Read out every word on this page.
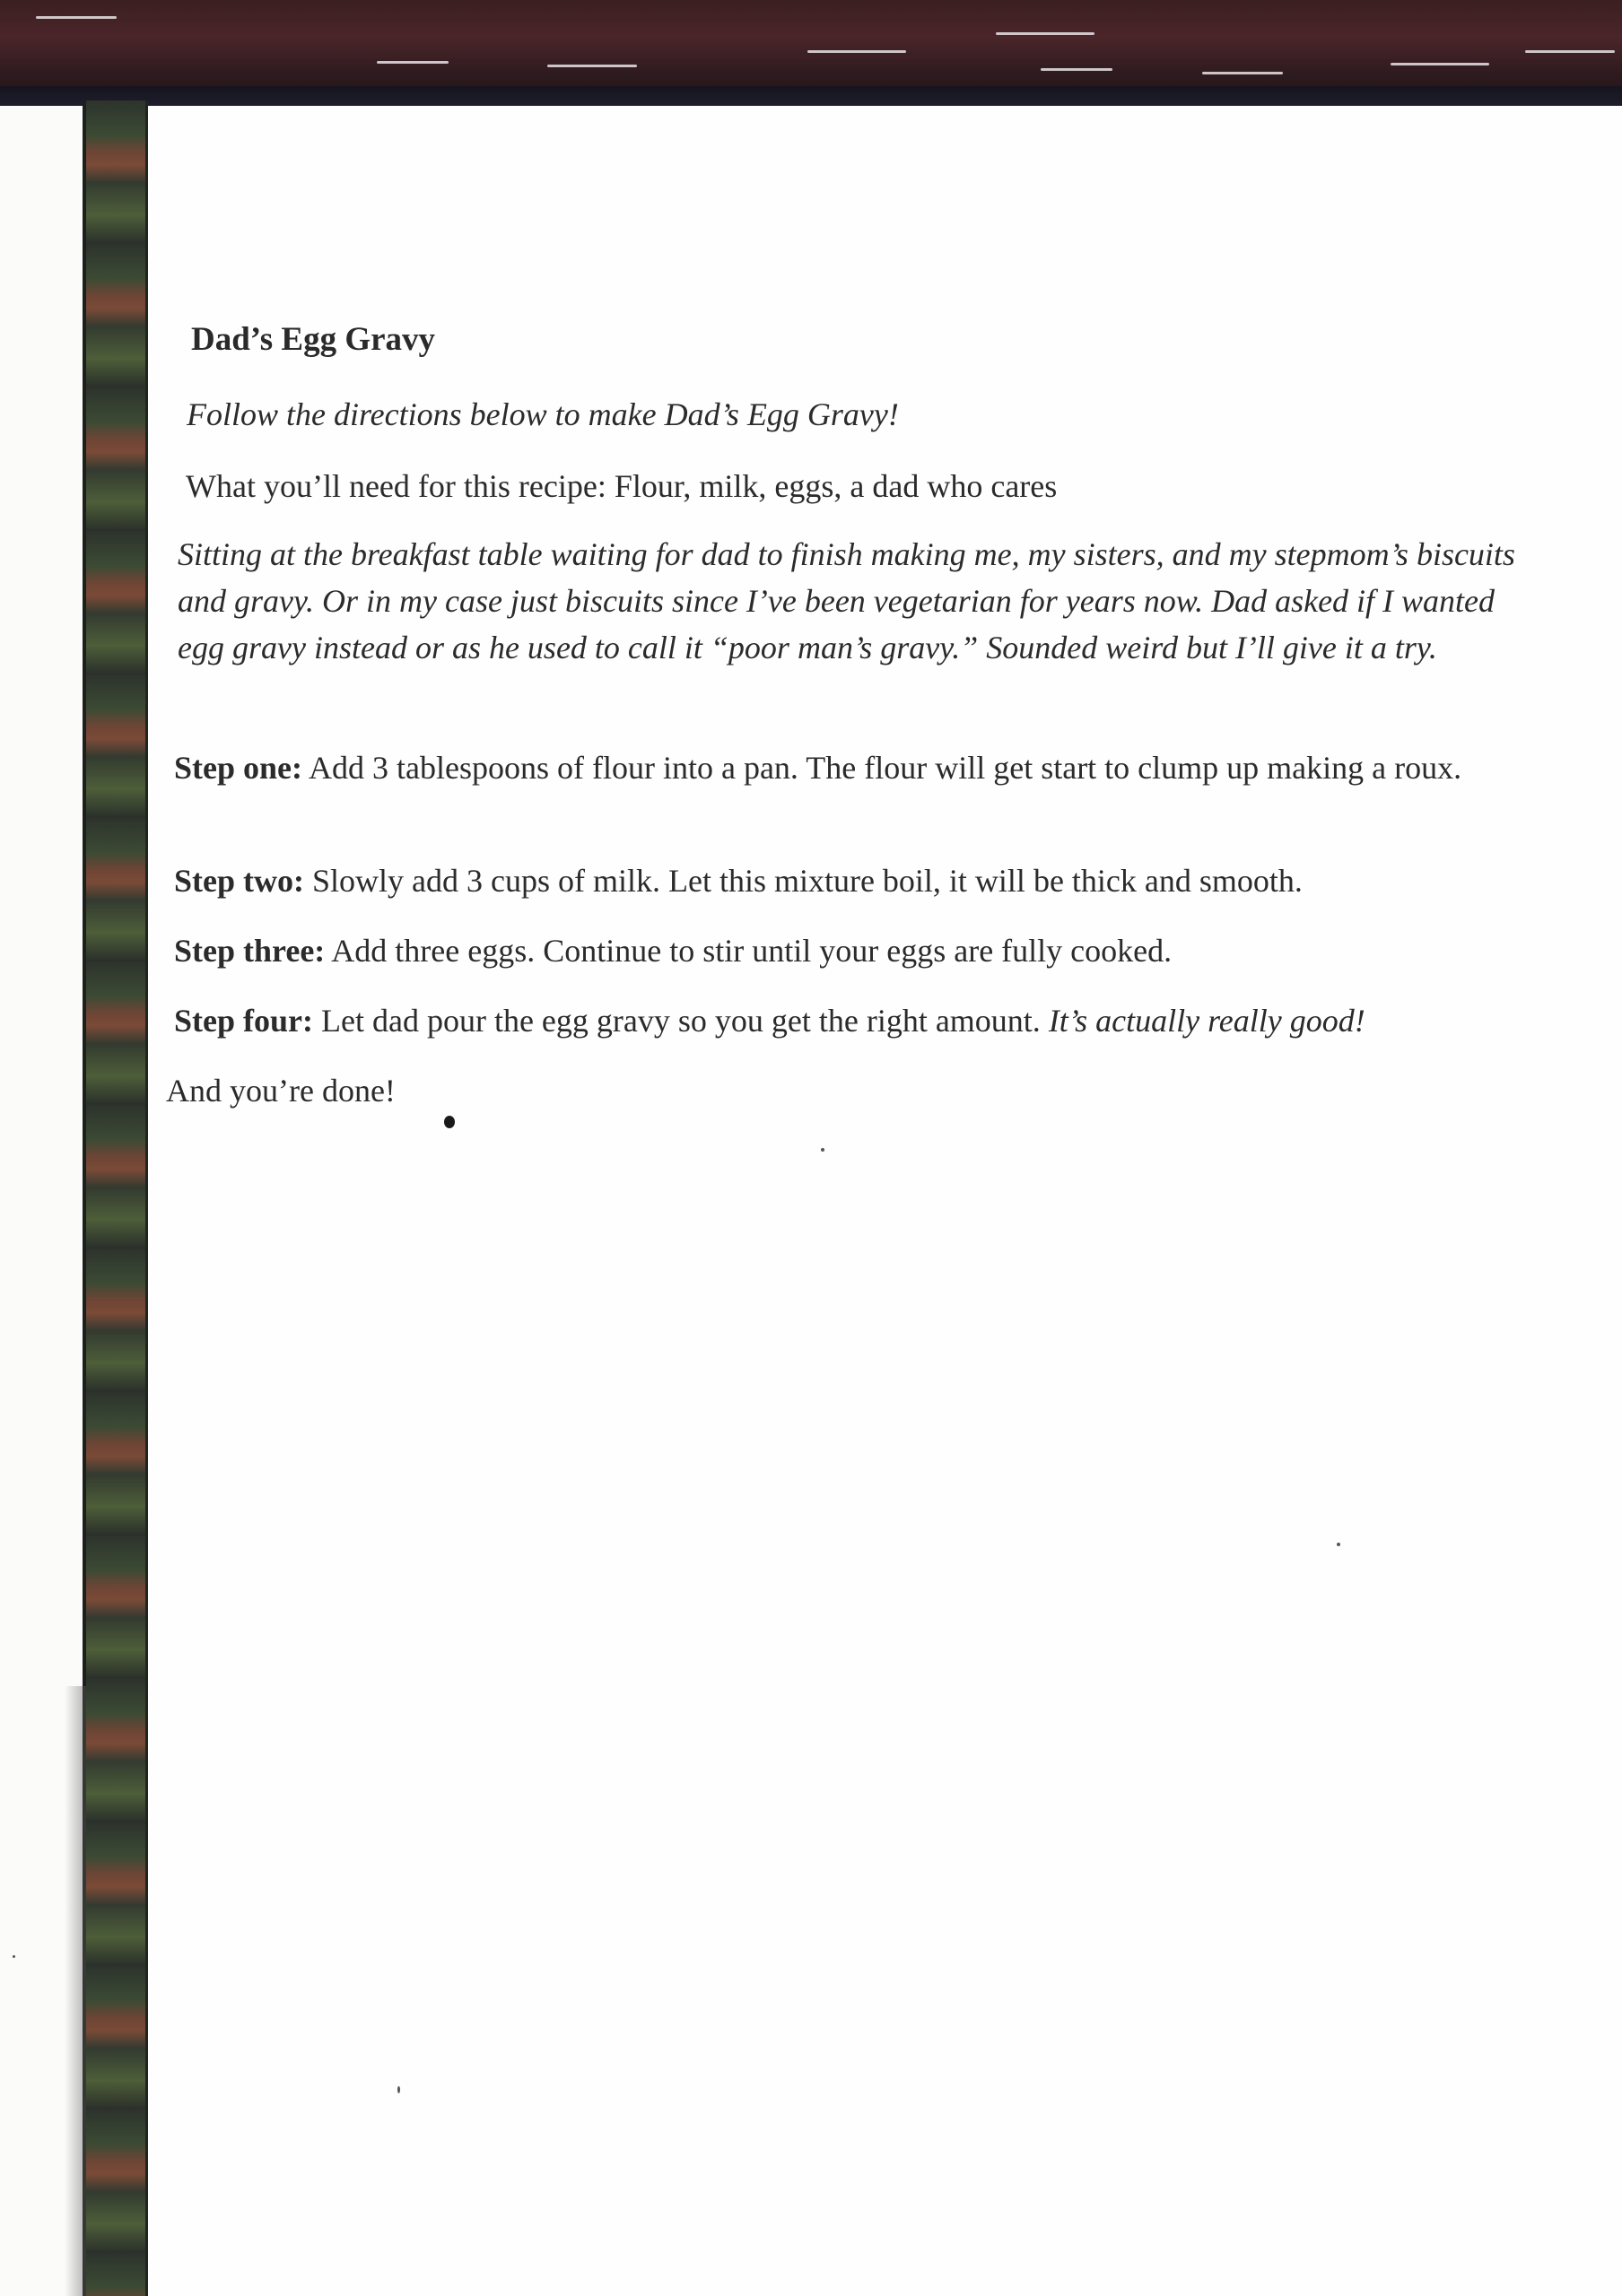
Dad’s Egg Gravy

Follow the directions below to make Dad’s Egg Gravy!

What you’ll need for this recipe: Flour, milk, eggs, a dad who cares

Sitting at the breakfast table waiting for dad to finish making me, my sisters, and my stepmom’s biscuits and gravy. Or in my case just biscuits since I’ve been vegetarian for years now. Dad asked if I wanted egg gravy instead or as he used to call it “poor man’s gravy.” Sounded weird but I’ll give it a try.

Step one: Add 3 tablespoons of flour into a pan. The flour will get start to clump up making a roux.

Step two: Slowly add 3 cups of milk. Let this mixture boil, it will be thick and smooth.

Step three: Add three eggs. Continue to stir until your eggs are fully cooked.

Step four: Let dad pour the egg gravy so you get the right amount. It’s actually really good!

And you’re done!
